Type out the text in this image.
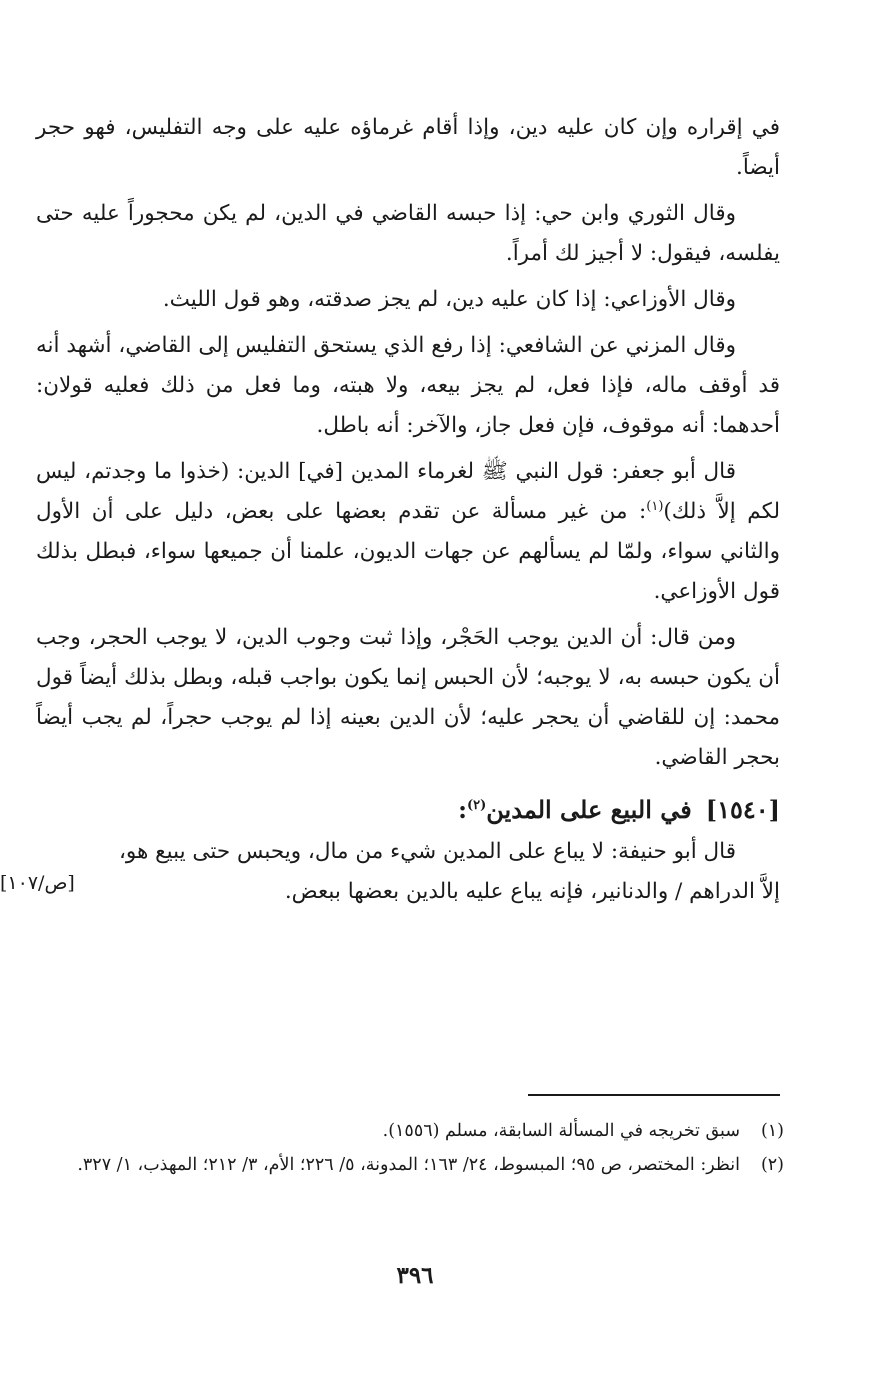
في إقراره وإن كان عليه دين، وإذا أقام غرماؤه عليه على وجه التفليس، فهو حجر أيضاً.

وقال الثوري وابن حي: إذا حبسه القاضي في الدين، لم يكن محجوراً عليه حتى يفلسه، فيقول: لا أجيز لك أمراً.

وقال الأوزاعي: إذا كان عليه دين، لم يجز صدقته، وهو قول الليث.

وقال المزني عن الشافعي: إذا رفع الذي يستحق التفليس إلى القاضي، أشهد أنه قد أوقف ماله، فإذا فعل، لم يجز بيعه، ولا هبته، وما فعل من ذلك فعليه قولان: أحدهما: أنه موقوف، فإن فعل جاز، والآخر: أنه باطل.

قال أبو جعفر: قول النبي ﷺ لغرماء المدين [في] الدين: (خذوا ما وجدتم، ليس لكم إلاَّ ذلك)$^{(١)}$: من غير مسألة عن تقدم بعضها على بعض، دليل على أن الأول والثاني سواء، ولمّا لم يسألهم عن جهات الديون، علمنا أن جميعها سواء، فبطل بذلك قول الأوزاعي.

ومن قال: أن الدين يوجب الحَجْر، وإذا ثبت وجوب الدين، لا يوجب الحجر، وجب أن يكون حبسه به، لا يوجبه؛ لأن الحبس إنما يكون بواجب قبله، وبطل بذلك أيضاً قول محمد: إن للقاضي أن يحجر عليه؛ لأن الدين بعينه إذا لم يوجب حجراً، لم يجب أيضاً بحجر القاضي.

[١٥٤٠]في البيع على المدين$^{(٢)}$:

قال أبو حنيفة: لا يباع على المدين شيء من مال، ويحبس حتى يبيع هو،

إلاَّ الدراهم / والدنانير، فإنه يباع عليه بالدين بعضها ببعض.

[ص/١٠٧]

(١)
سبق تخريجه في المسألة السابقة، مسلم (١٥٥٦).

(٢)
انظر: المختصر، ص ٩٥؛ المبسوط، ٢٤/ ١٦٣؛ المدونة، ٥/ ٢٢٦؛ الأم، ٣/ ٢١٢؛ المهذب، ١/ ٣٢٧.

٣٩٦
